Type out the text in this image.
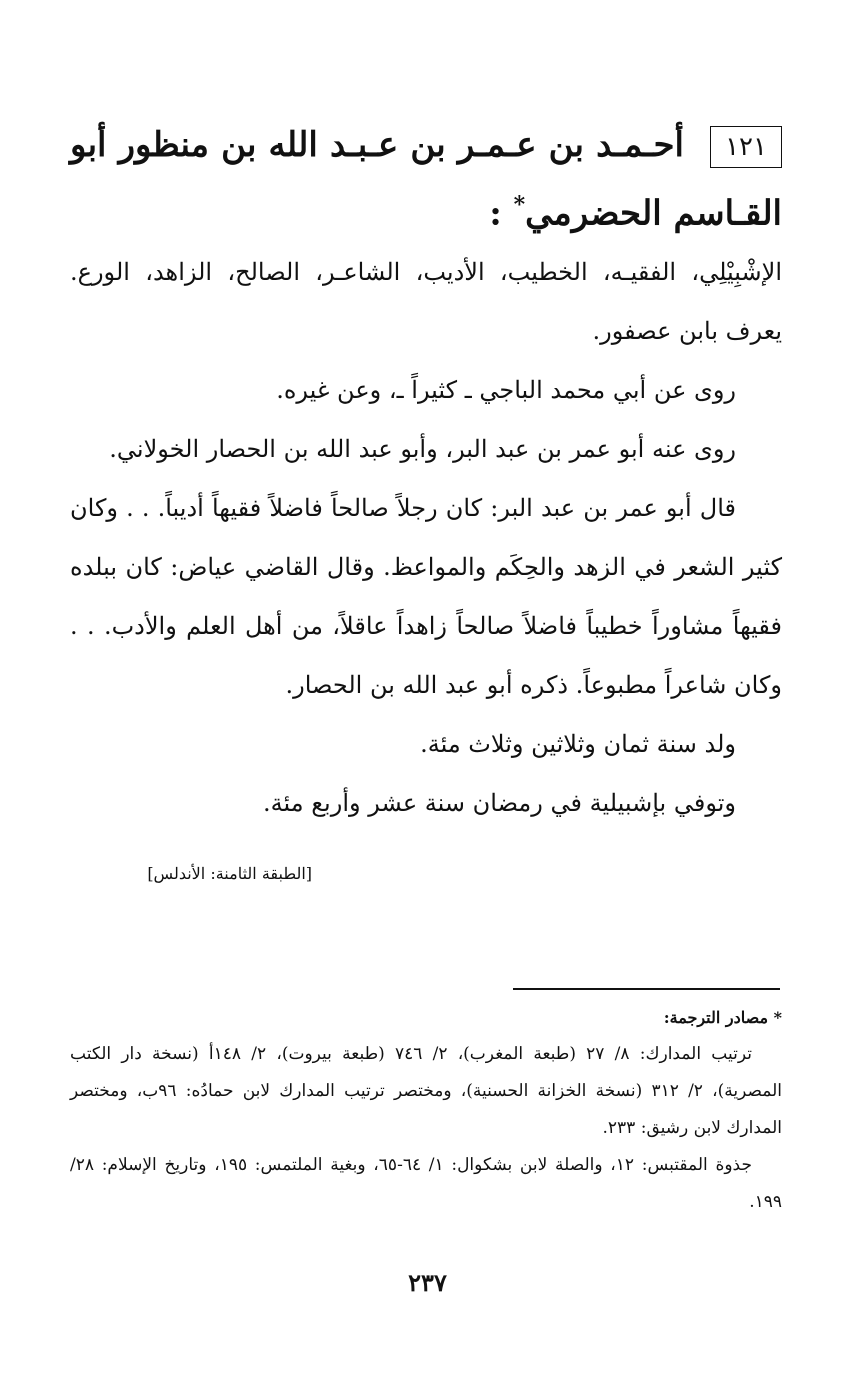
١٢١ أحـمـد بن عـمـر بن عـبـد الله بن منظور أبو القـاسم الحضرمي* :

الإشْبِيْلِي، الفقيـه، الخطيب، الأديب، الشاعـر، الصالح، الزاهد، الورع. يعرف بابن عصفور.

روى عن أبي محمد الباجي ـ كثيراً ـ، وعن غيره.

روى عنه أبو عمر بن عبد البر، وأبو عبد الله بن الحصار الخولاني.

قال أبو عمر بن عبد البر: كان رجلاً صالحاً فاضلاً فقيهاً أديباً. . . وكان كثير الشعر في الزهد والحِكَم والمواعظ. وقال القاضي عياض: كان ببلده فقيهاً مشاوراً خطيباً فاضلاً صالحاً زاهداً عاقلاً، من أهل العلم والأدب. . . وكان شاعراً مطبوعاً. ذكره أبو عبد الله بن الحصار.

ولد سنة ثمان وثلاثين وثلاث مئة.

وتوفي بإشبيلية في رمضان سنة عشر وأربع مئة.

[الطبقة الثامنة: الأندلس]

* مصادر الترجمة:

ترتيب المدارك: ٨/ ٢٧ (طبعة المغرب)، ٢/ ٧٤٦ (طبعة بيروت)، ٢/ ١٤٨أ (نسخة دار الكتب المصرية)، ٢/ ٣١٢ (نسخة الخزانة الحسنية)، ومختصر ترتيب المدارك لابن حمادُه: ٩٦ب، ومختصر المدارك لابن رشيق: ٢٣٣.

جذوة المقتبس: ١٢، والصلة لابن بشكوال: ١/ ٦٤-٦٥، وبغية الملتمس: ١٩٥، وتاريخ الإسلام: ٢٨/ ١٩٩.

٢٣٧
